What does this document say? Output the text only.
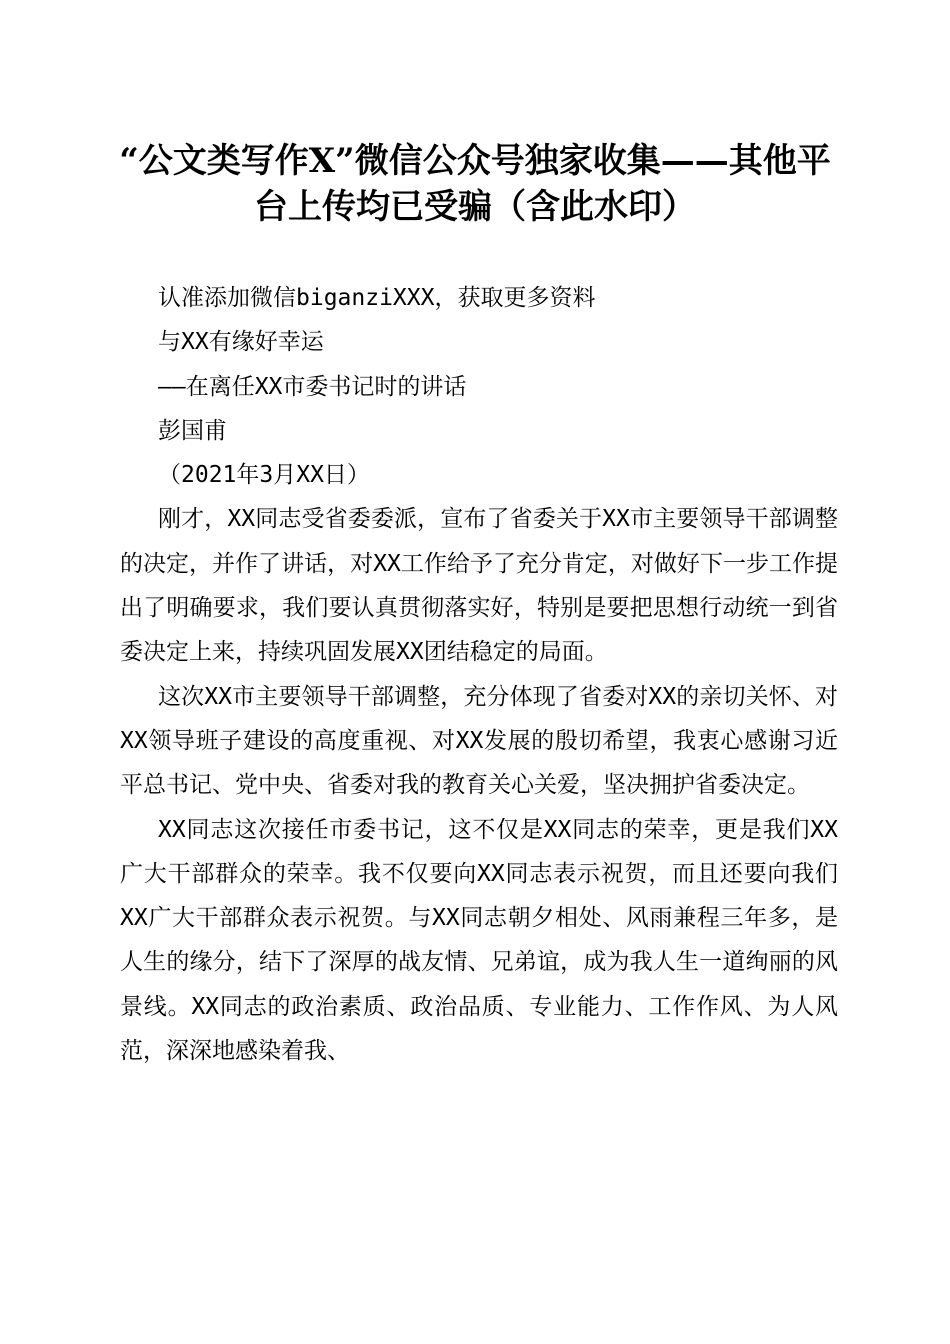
“公文类写作X”微信公众号独家收集——其他平台上传均已受骗（含此水印）

认准添加微信biganziXXX，获取更多资料

与XX有缘好幸运

——在离任XX市委书记时的讲话

彭国甫

（2021年3月XX日）

刚才，XX同志受省委委派，宣布了省委关于XX市主要领导干部调整的决定，并作了讲话，对XX工作给予了充分肯定，对做好下一步工作提出了明确要求，我们要认真贯彻落实好，特别是要把思想行动统一到省委决定上来，持续巩固发展XX团结稳定的局面。

这次XX市主要领导干部调整，充分体现了省委对XX的亲切关怀、对XX领导班子建设的高度重视、对XX发展的殷切希望，我衷心感谢习近平总书记、党中央、省委对我的教育关心关爱，坚决拥护省委决定。

XX同志这次接任市委书记，这不仅是XX同志的荣幸，更是我们XX广大干部群众的荣幸。我不仅要向XX同志表示祝贺，而且还要向我们XX广大干部群众表示祝贺。与XX同志朝夕相处、风雨兼程三年多，是人生的缘分，结下了深厚的战友情、兄弟谊，成为我人生一道绚丽的风景线。XX同志的政治素质、政治品质、专业能力、工作作风、为人风范，深深地感染着我、
